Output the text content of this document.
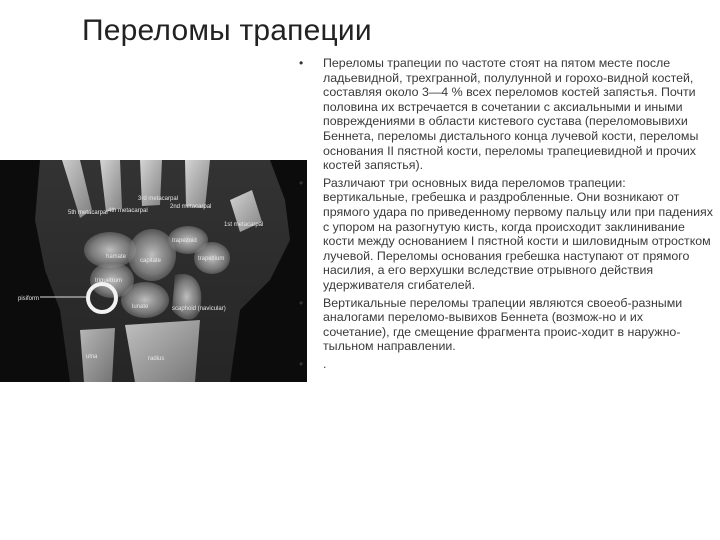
Переломы трапеции
5th metacarpal 4th metacarpal
3rd metacarpal
2nd metacarpal
1st metacarpal
hamate
trapezoid
trapezium
capitate
triquetrum
pisiform
scaphoid (navicular)
lunate
ulna	radius
• Переломы трапеции по частоте стоят на пятом месте после ладьевидной, трехгранной, полулунной и горохо-видной костей, составляя около 3—4 % всех переломов костей запястья. Почти половина их встречается в сочетании с аксиальными и иными повреждениями в области кистевого сустава (переломовывихи Беннета, переломы дистального конца лучевой кости, переломы основания II пястной кости, переломы трапециевидной и прочих костей запястья).
• Различают три основных вида переломов трапеции: вертикальные, гребешка и раздробленные. Они возникают от прямого удара по приведенному первому пальцу или при падениях с упором на разогнутую кисть, когда происходит заклинивание кости между основанием I пястной кости и шиловидным отростком лучевой. Переломы основания гребешка наступают от прямого насилия, а его верхушки вследствие отрывного действия удерживателя сгибателей.
• Вертикальные переломы трапеции являются своеоб-разными аналогами переломо-вывихов Беннета (возмож-но и их сочетание), где смещение фрагмента проис-ходит в наружно-тыльном направлении.
• .
